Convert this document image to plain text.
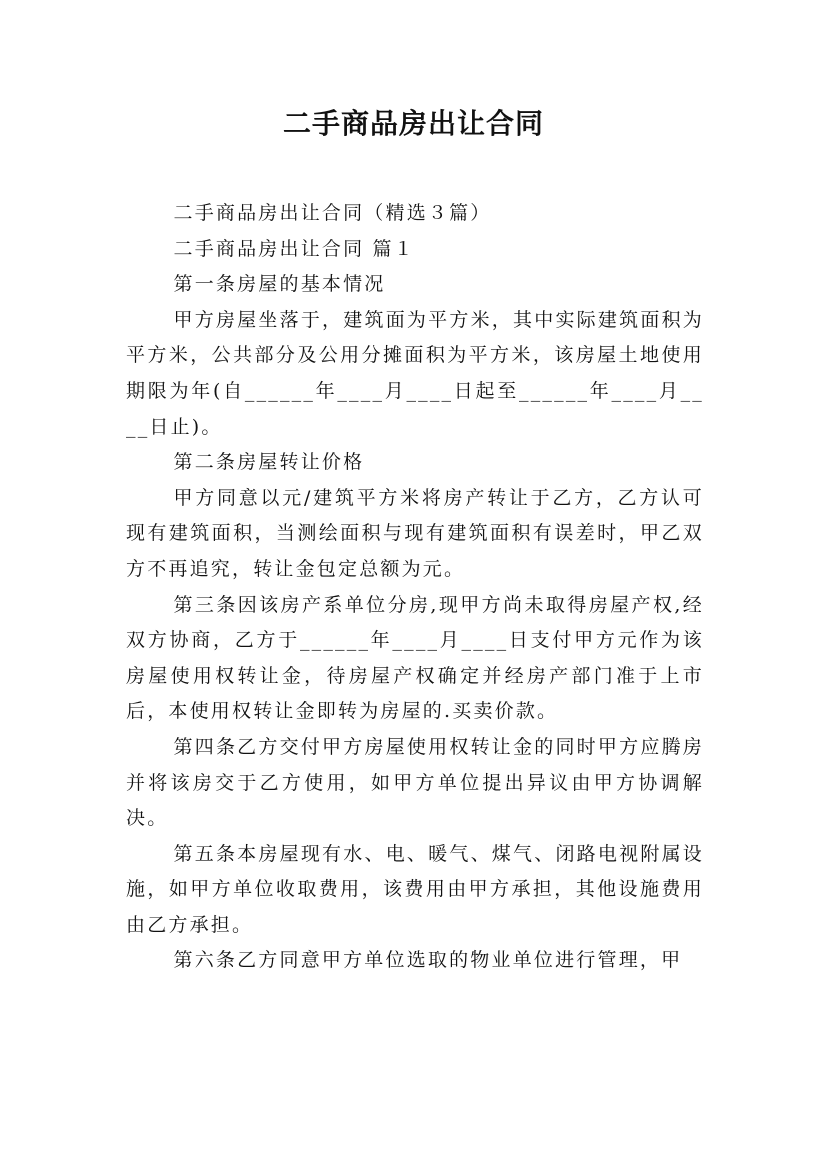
二手商品房出让合同

二手商品房出让合同（精选３篇）

二手商品房出让合同 篇１

第一条房屋的基本情况

甲方房屋坐落于，建筑面为平方米，其中实际建筑面积为平方米，公共部分及公用分摊面积为平方米，该房屋土地使用期限为年(自______年____月____日起至______年____月____日止)。

第二条房屋转让价格

甲方同意以元/建筑平方米将房产转让于乙方，乙方认可现有建筑面积，当测绘面积与现有建筑面积有误差时，甲乙双方不再追究，转让金包定总额为元。

第三条因该房产系单位分房,现甲方尚未取得房屋产权,经双方协商，乙方于______年____月____日支付甲方元作为该房屋使用权转让金，待房屋产权确定并经房产部门准于上市后，本使用权转让金即转为房屋的.买卖价款。

第四条乙方交付甲方房屋使用权转让金的同时甲方应腾房并将该房交于乙方使用，如甲方单位提出异议由甲方协调解决。

第五条本房屋现有水、电、暖气、煤气、闭路电视附属设施，如甲方单位收取费用，该费用由甲方承担，其他设施费用由乙方承担。

第六条乙方同意甲方单位选取的物业单位进行管理，甲
